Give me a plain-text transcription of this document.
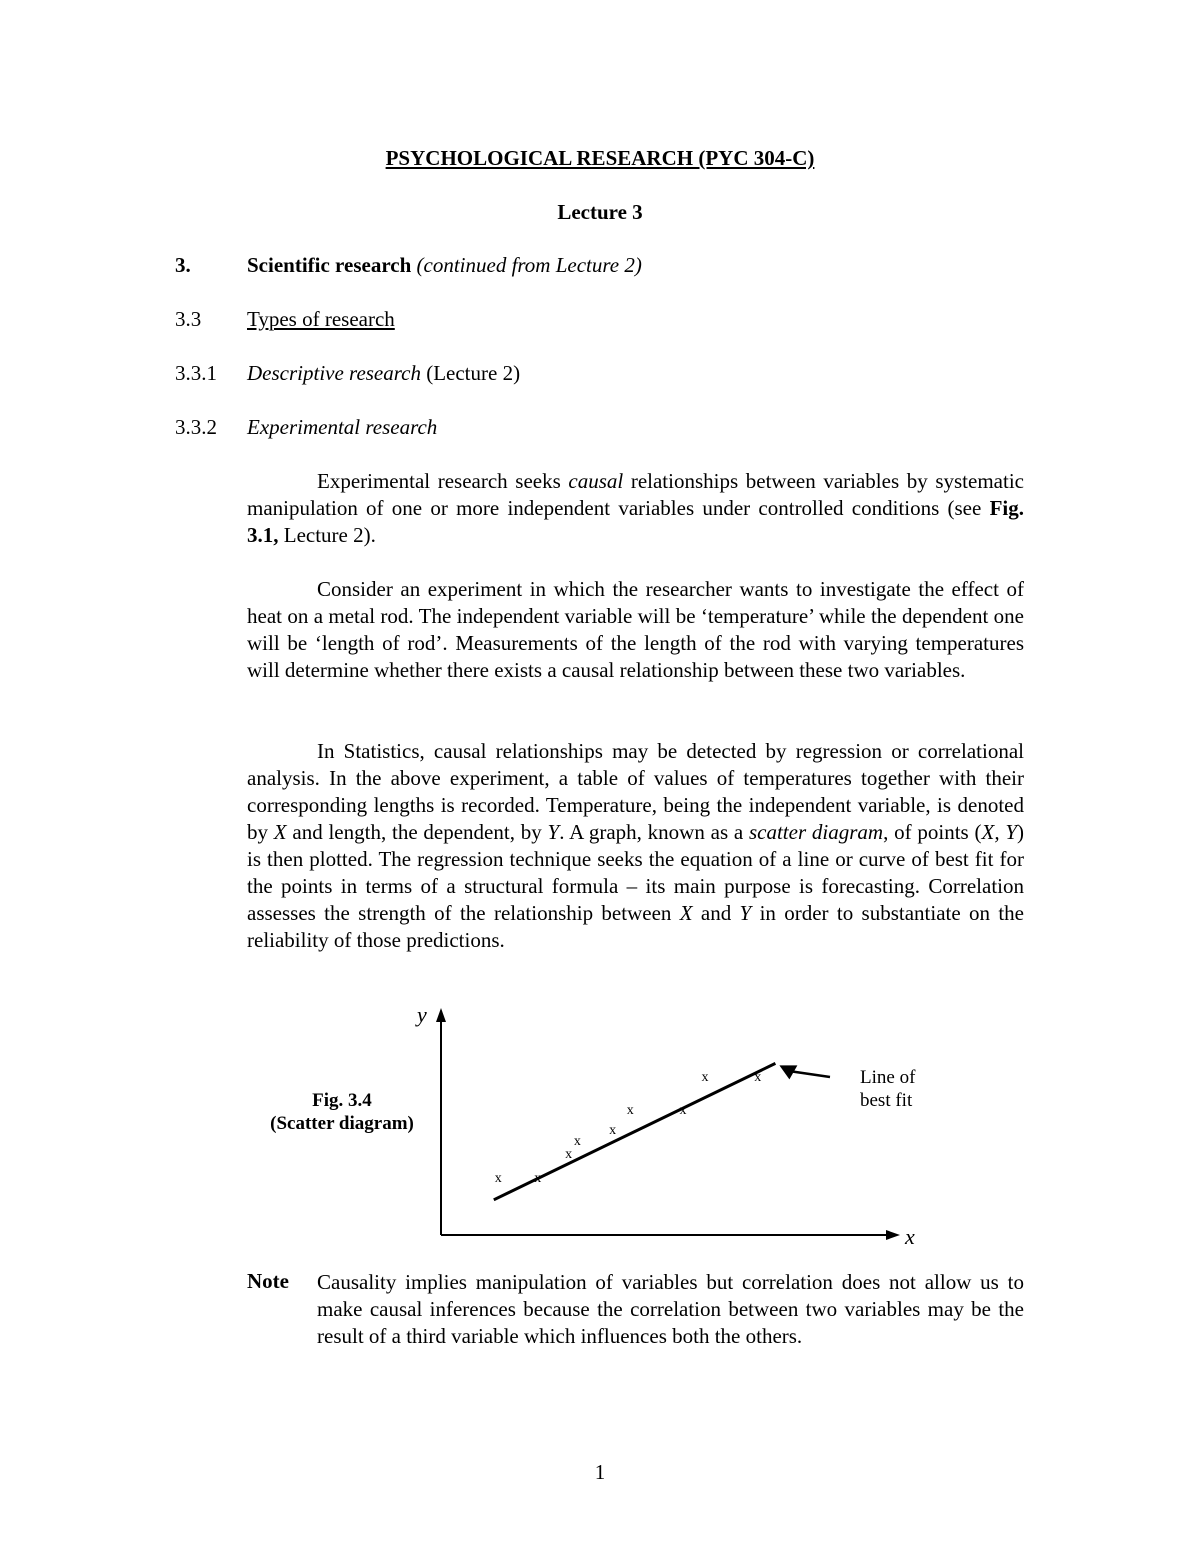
PSYCHOLOGICAL RESEARCH (PYC 304-C)
Lecture 3
3.	Scientific research (continued from Lecture 2)
3.3 Types of research
3.3.1 Descriptive research (Lecture 2)
3.3.2 Experimental research

Experimental research seeks causal relationships between variables by systematic manipulation of one or more independent variables under controlled conditions (see Fig. 3.1, Lecture 2).

Consider an experiment in which the researcher wants to investigate the effect of heat on a metal rod. The independent variable will be ‘temperature’ while the dependent one will be ‘length of rod’. Measurements of the length of the rod with varying temperatures will determine whether there exists a causal relationship between these two variables.

In Statistics, causal relationships may be detected by regression or correlational analysis. In the above experiment, a table of values of temperatures together with their corresponding lengths is recorded. Temperature, being the independent variable, is denoted by X and length, the dependent, by Y. A graph, known as a scatter diagram, of points (X, Y) is then plotted. The regression technique seeks the equation of a line or curve of best fit for the points in terms of a structural formula – its main purpose is forecasting. Correlation assesses the strength of the relationship between X and Y in order to substantiate on the reliability of those predictions.

Fig. 3.4
(Scatter diagram)
Line of
best fit
x x
x
x
x
x	x
x	x
x
y
Note Causality implies manipulation of variables but correlation does not allow us to make causal inferences because the correlation between two variables may be the result of a third variable which influences both the others.

1
